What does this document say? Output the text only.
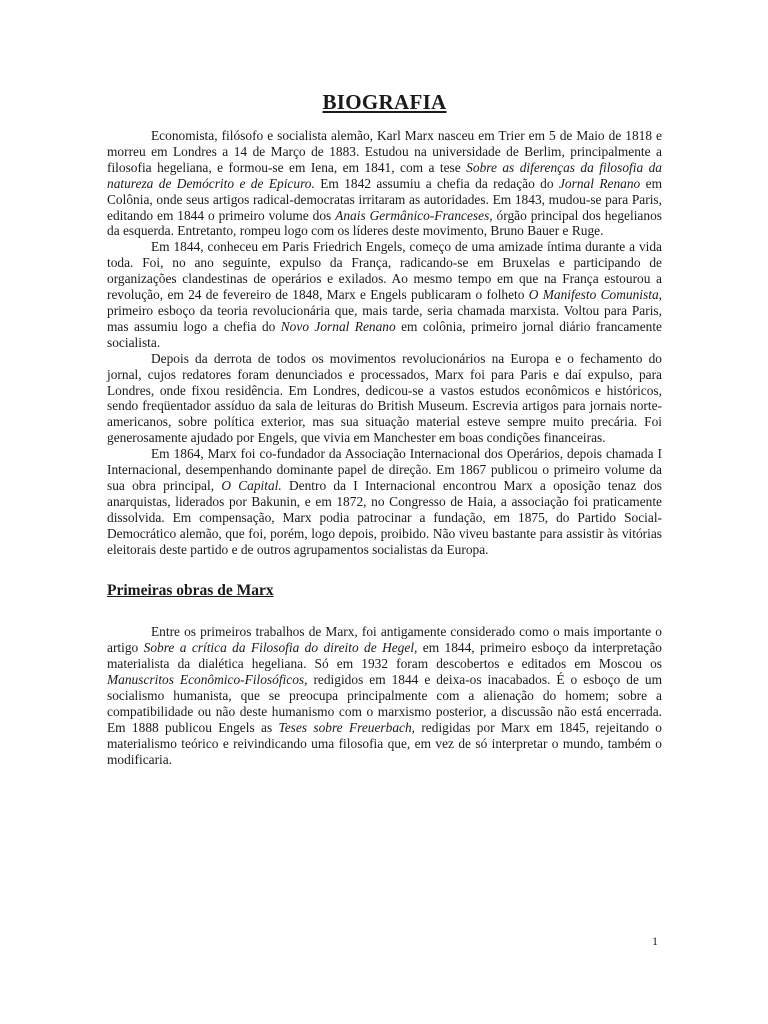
BIOGRAFIA

Economista, filósofo e socialista alemão, Karl Marx nasceu em Trier em 5 de Maio de 1818 e morreu em Londres a 14 de Março de 1883. Estudou na universidade de Berlim, principalmente a filosofia hegeliana, e formou-se em Iena, em 1841, com a tese Sobre as diferenças da filosofia da natureza de Demócrito e de Epicuro. Em 1842 assumiu a chefia da redação do Jornal Renano em Colônia, onde seus artigos radical-democratas irritaram as autoridades. Em 1843, mudou-se para Paris, editando em 1844 o primeiro volume dos Anais Germânico-Franceses, órgão principal dos hegelianos da esquerda. Entretanto, rompeu logo com os líderes deste movimento, Bruno Bauer e Ruge.

Em 1844, conheceu em Paris Friedrich Engels, começo de uma amizade íntima durante a vida toda. Foi, no ano seguinte, expulso da França, radicando-se em Bruxelas e participando de organizações clandestinas de operários e exilados. Ao mesmo tempo em que na França estourou a revolução, em 24 de fevereiro de 1848, Marx e Engels publicaram o folheto O Manifesto Comunista, primeiro esboço da teoria revolucionária que, mais tarde, seria chamada marxista. Voltou para Paris, mas assumiu logo a chefia do Novo Jornal Renano em colônia, primeiro jornal diário francamente socialista.

Depois da derrota de todos os movimentos revolucionários na Europa e o fechamento do jornal, cujos redatores foram denunciados e processados, Marx foi para Paris e daí expulso, para Londres, onde fixou residência. Em Londres, dedicou-se a vastos estudos econômicos e históricos, sendo freqüentador assíduo da sala de leituras do British Museum. Escrevia artigos para jornais norte-americanos, sobre política exterior, mas sua situação material esteve sempre muito precária. Foi generosamente ajudado por Engels, que vivia em Manchester em boas condições financeiras.

Em 1864, Marx foi co-fundador da Associação Internacional dos Operários, depois chamada I Internacional, desempenhando dominante papel de direção. Em 1867 publicou o primeiro volume da sua obra principal, O Capital. Dentro da I Internacional encontrou Marx a oposição tenaz dos anarquistas, liderados por Bakunin, e em 1872, no Congresso de Haia, a associação foi praticamente dissolvida. Em compensação, Marx podia patrocinar a fundação, em 1875, do Partido Social-Democrático alemão, que foi, porém, logo depois, proibido. Não viveu bastante para assistir às vitórias eleitorais deste partido e de outros agrupamentos socialistas da Europa.

Primeiras obras de Marx

Entre os primeiros trabalhos de Marx, foi antigamente considerado como o mais importante o artigo Sobre a crítica da Filosofia do direito de Hegel, em 1844, primeiro esboço da interpretação materialista da dialética hegeliana. Só em 1932 foram descobertos e editados em Moscou os Manuscritos Econômico-Filosóficos, redigidos em 1844 e deixa-os inacabados. É o esboço de um socialismo humanista, que se preocupa principalmente com a alienação do homem; sobre a compatibilidade ou não deste humanismo com o marxismo posterior, a discussão não está encerrada. Em 1888 publicou Engels as Teses sobre Freuerbach, redigidas por Marx em 1845, rejeitando o materialismo teórico e reivindicando uma filosofia que, em vez de só interpretar o mundo, também o modificaria.

1
